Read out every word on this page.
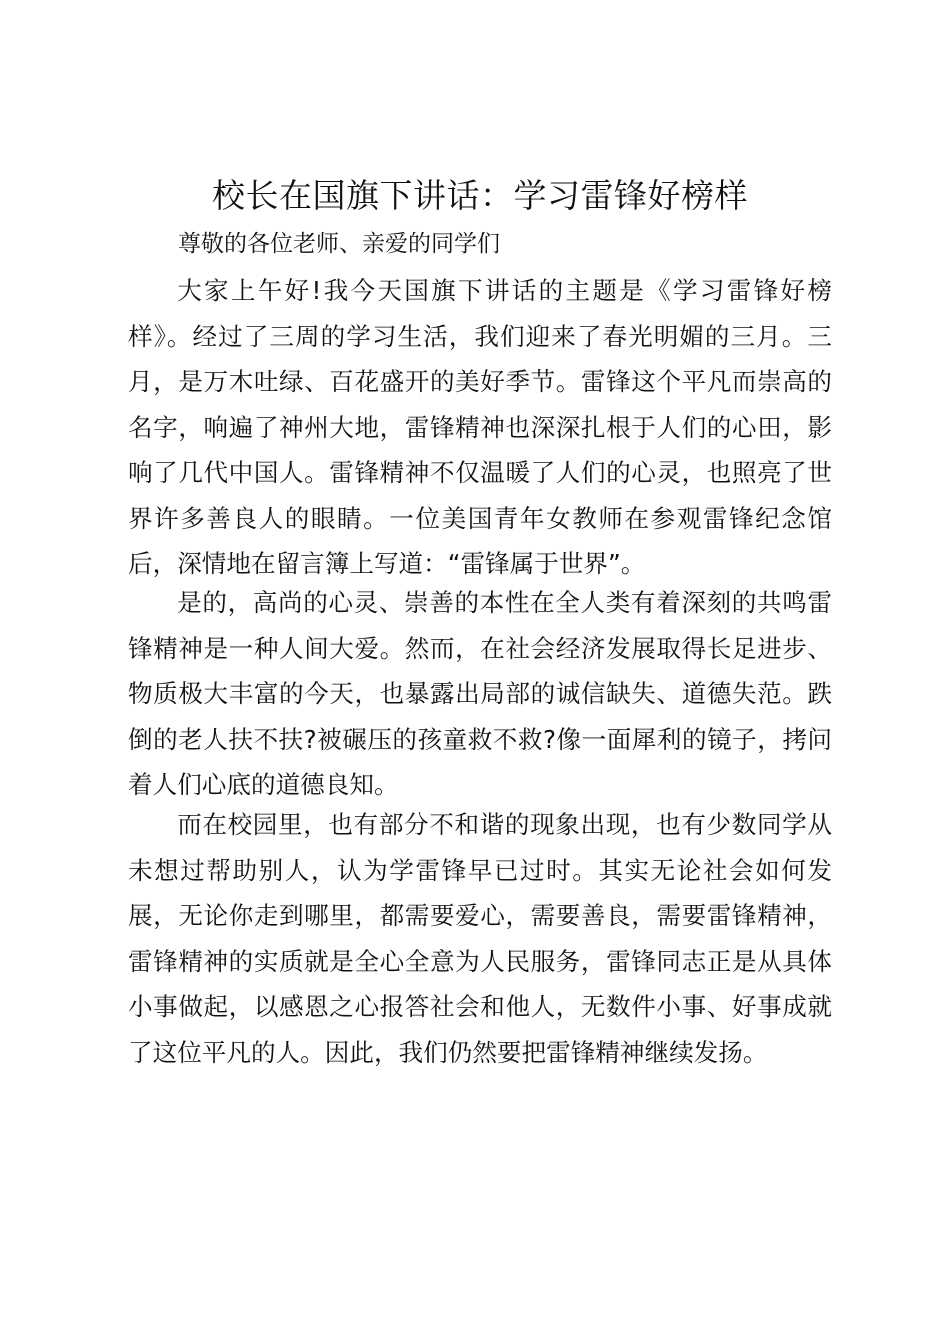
校长在国旗下讲话：学习雷锋好榜样
尊敬的各位老师、亲爱的同学们

大家上午好!我今天国旗下讲话的主题是《学习雷锋好榜样》。经过了三周的学习生活，我们迎来了春光明媚的三月。三月，是万木吐绿、百花盛开的美好季节。雷锋这个平凡而崇高的名字，响遍了神州大地，雷锋精神也深深扎根于人们的心田，影响了几代中国人。雷锋精神不仅温暖了人们的心灵，也照亮了世界许多善良人的眼睛。一位美国青年女教师在参观雷锋纪念馆后，深情地在留言簿上写道：“雷锋属于世界”。

是的，高尚的心灵、崇善的本性在全人类有着深刻的共鸣雷锋精神是一种人间大爱。然而，在社会经济发展取得长足进步、物质极大丰富的今天，也暴露出局部的诚信缺失、道德失范。跌倒的老人扶不扶?被碾压的孩童救不救?像一面犀利的镜子，拷问着人们心底的道德良知。

而在校园里，也有部分不和谐的现象出现，也有少数同学从未想过帮助别人，认为学雷锋早已过时。其实无论社会如何发展，无论你走到哪里，都需要爱心，需要善良，需要雷锋精神，雷锋精神的实质就是全心全意为人民服务，雷锋同志正是从具体小事做起，以感恩之心报答社会和他人，无数件小事、好事成就了这位平凡的人。因此，我们仍然要把雷锋精神继续发扬。
